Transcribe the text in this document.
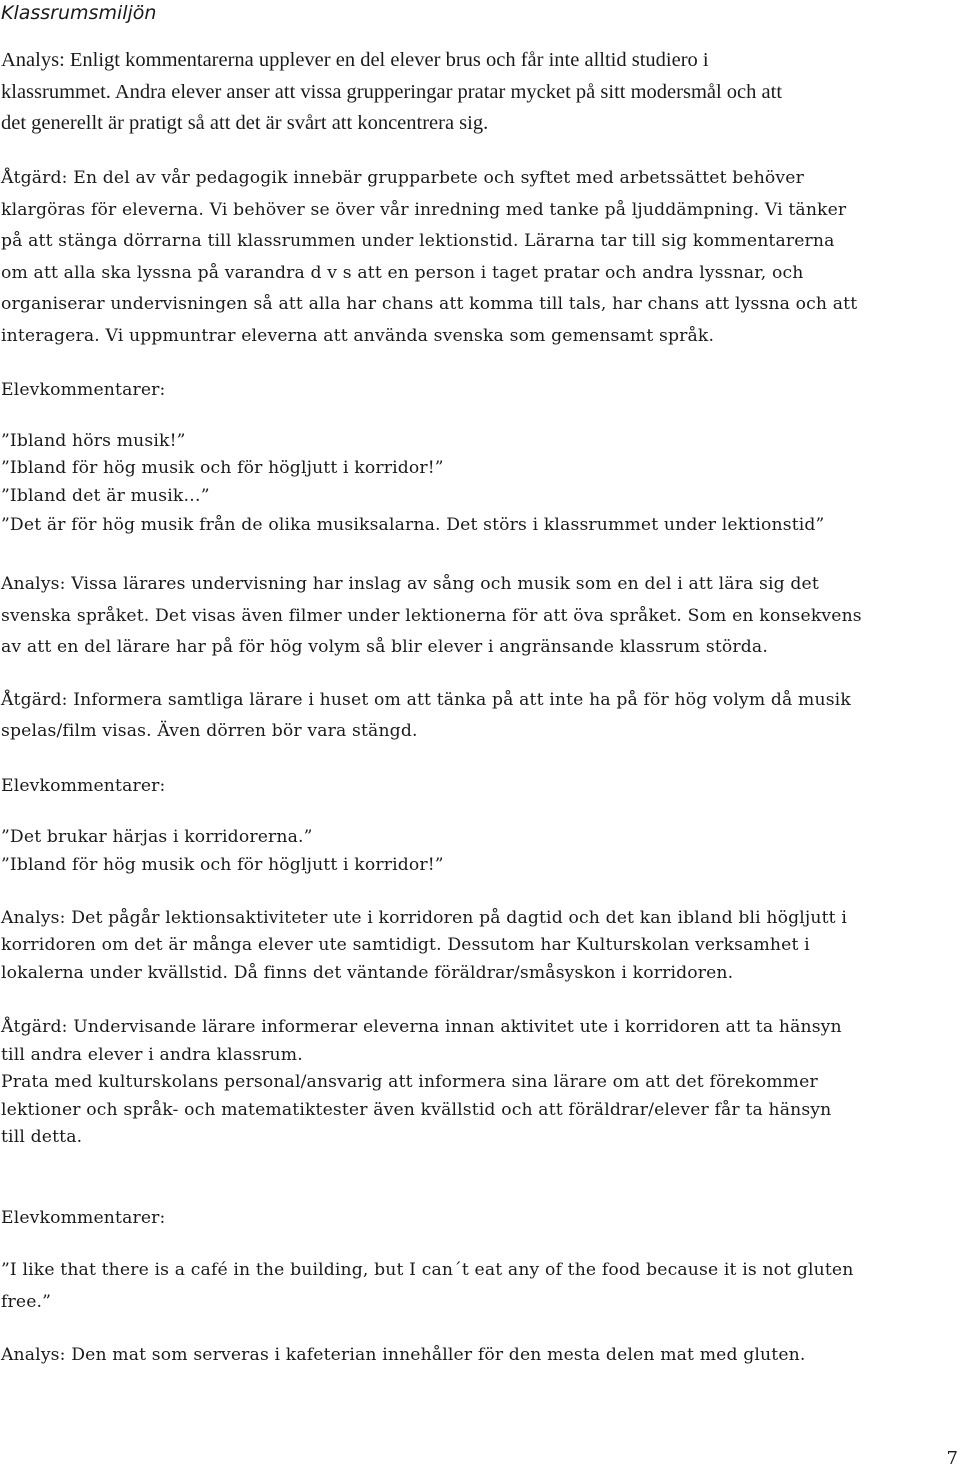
Klassrumsmiljön
Analys: Enligt kommentarerna upplever en del elever brus och får inte alltid studiero i
klassrummet. Andra elever anser att vissa grupperingar pratar mycket på sitt modersmål och att
det generellt är pratigt så att det är svårt att koncentrera sig.
Åtgärd: En del av vår pedagogik innebär grupparbete och syftet med arbetssättet behöver
klargöras för eleverna. Vi behöver se över vår inredning med tanke på ljuddämpning. Vi tänker
på att stänga dörrarna till klassrummen under lektionstid. Lärarna tar till sig kommentarerna
om att alla ska lyssna på varandra d v s att en person i taget pratar och andra lyssnar, och
organiserar undervisningen så att alla har chans att komma till tals, har chans att lyssna och att
interagera. Vi uppmuntrar eleverna att använda svenska som gemensamt språk.
Elevkommentarer:
”Ibland hörs musik!”
”Ibland för hög musik och för högljutt i korridor!”
”Ibland det är musik…”
”Det är för hög musik från de olika musiksalarna. Det störs i klassrummet under lektionstid”
Analys: Vissa lärares undervisning har inslag av sång och musik som en del i att lära sig det
svenska språket. Det visas även filmer under lektionerna för att öva språket. Som en konsekvens
av att en del lärare har på för hög volym så blir elever i angränsande klassrum störda.
Åtgärd: Informera samtliga lärare i huset om att tänka på att inte ha på för hög volym då musik
spelas/film visas. Även dörren bör vara stängd.
Elevkommentarer:
”Det brukar härjas i korridorerna.”
”Ibland för hög musik och för högljutt i korridor!”
Analys: Det pågår lektionsaktiviteter ute i korridoren på dagtid och det kan ibland bli högljutt i
korridoren om det är många elever ute samtidigt. Dessutom har Kulturskolan verksamhet i
lokalerna under kvällstid. Då finns det väntande föräldrar/småsyskon i korridoren.
Åtgärd: Undervisande lärare informerar eleverna innan aktivitet ute i korridoren att ta hänsyn
till andra elever i andra klassrum.
Prata med kulturskolans personal/ansvarig att informera sina lärare om att det förekommer
lektioner och språk- och matematiktester även kvällstid och att föräldrar/elever får ta hänsyn
till detta.
Elevkommentarer:
”I like that there is a café in the building, but I can´t eat any of the food because it is not gluten
free.”
Analys: Den mat som serveras i kafeterian innehåller för den mesta delen mat med gluten.
7
